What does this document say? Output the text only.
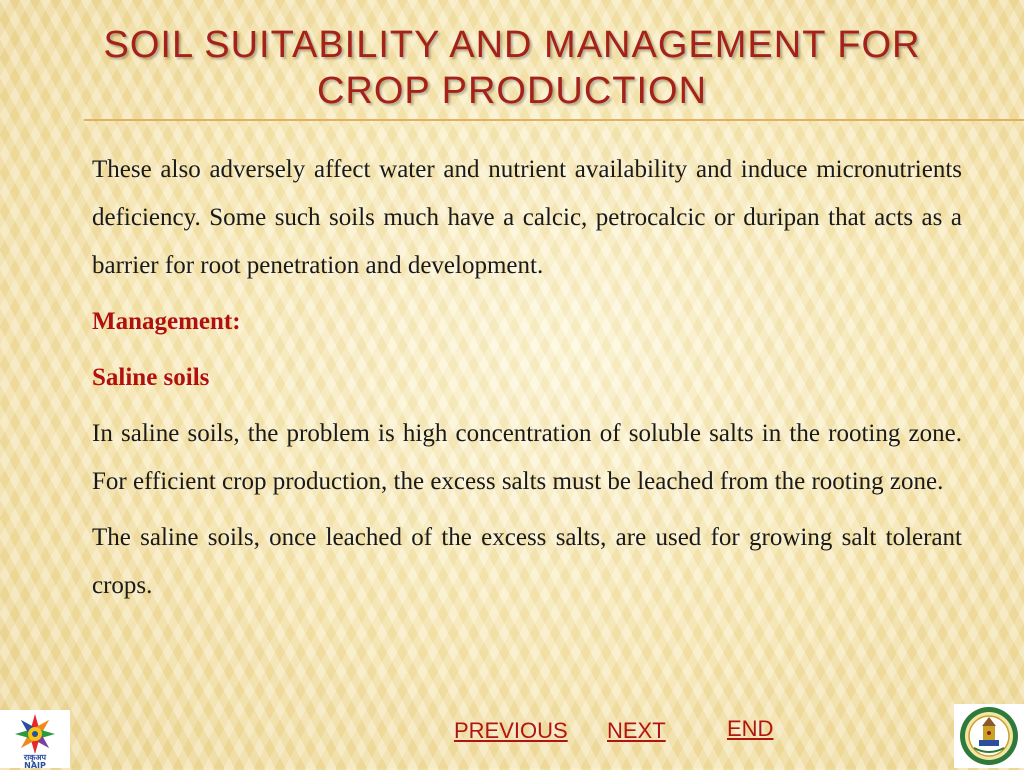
SOIL SUITABILITY AND MANAGEMENT FOR
CROP PRODUCTION

These also adversely affect water and nutrient availability and induce micronutrients deficiency. Some such soils much have a calcic, petrocalcic or duripan that acts as a barrier for root penetration and development.

Management:

Saline soils

In saline soils, the problem is high concentration of soluble salts in the rooting zone. For efficient crop production, the excess salts must be leached from the rooting zone.

The saline soils, once leached of the excess salts, are used for growing salt tolerant crops.

PREVIOUS NEXT	END
राकृअप
NAIP
